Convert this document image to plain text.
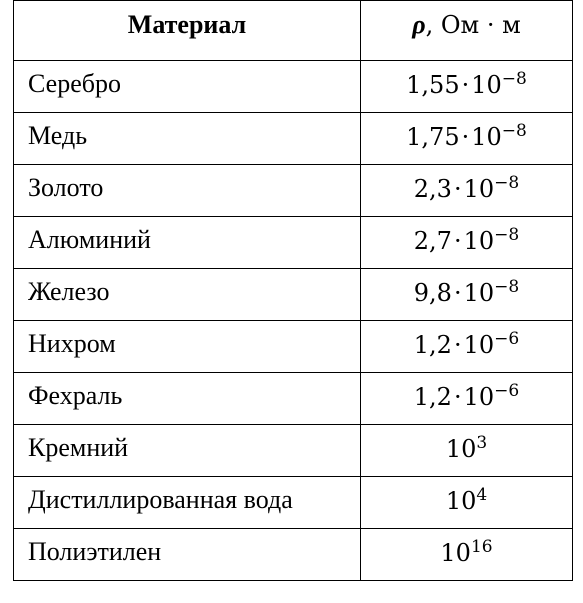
Материал	ρ, Ом · м
Серебро	$1,55\cdot 10^{-8}$
Медь	$1,75\cdot 10^{-8}$
Золото	$2,3\cdot 10^{-8}$
Алюминий	$2,7\cdot 10^{-8}$
Железо	$9,8\cdot 10^{-8}$
Нихром	$1,2\cdot 10^{-6}$
Фехраль	$1,2\cdot 10^{-6}$
Кремний	$10^3$
Дистиллированная вода	$10^4$
Полиэтилен	$10^{16}$
